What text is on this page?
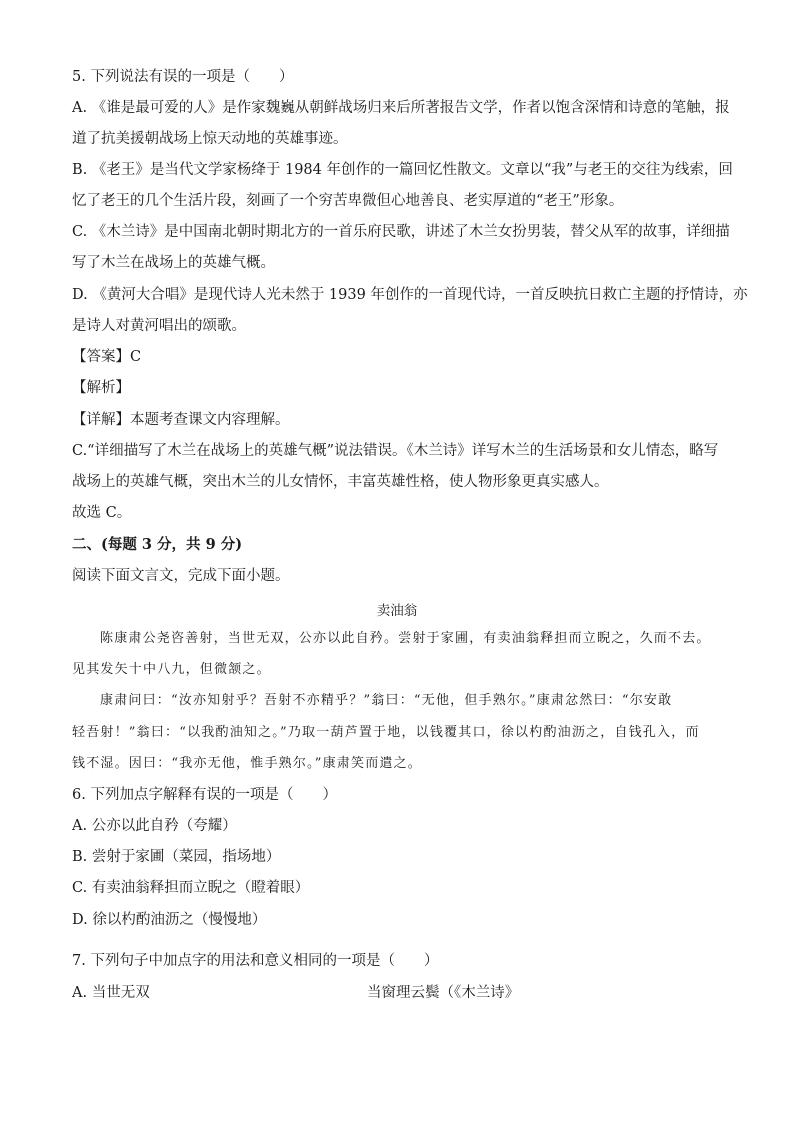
5. 下列说法有误的一项是（　　）
A. 《谁是最可爱的人》是作家魏巍从朝鲜战场归来后所著报告文学，作者以饱含深情和诗意的笔触，报
道了抗美援朝战场上惊天动地的英雄事迹。
B. 《老王》是当代文学家杨绛于 1984 年创作的一篇回忆性散文。文章以“我”与老王的交往为线索，回
忆了老王的几个生活片段，刻画了一个穷苦卑微但心地善良、老实厚道的“老王”形象。
C. 《木兰诗》是中国南北朝时期北方的一首乐府民歌，讲述了木兰女扮男装，替父从军的故事，详细描
写了木兰在战场上的英雄气概。
D. 《黄河大合唱》是现代诗人光未然于 1939 年创作的一首现代诗，一首反映抗日救亡主题的抒情诗，亦
是诗人对黄河唱出的颂歌。
【答案】C
【解析】
【详解】本题考查课文内容理解。
C.“详细描写了木兰在战场上的英雄气概”说法错误。《木兰诗》详写木兰的生活场景和女儿情态，略写
战场上的英雄气概，突出木兰的儿女情怀，丰富英雄性格，使人物形象更真实感人。
故选 C。
二、(每题 3 分，共 9 分)
阅读下面文言文，完成下面小题。
卖油翁
陈康肃公尧咨善射，当世无双，公亦以此自矜。尝射于家圃，有卖油翁释担而立睨之，久而不去。
见其发矢十中八九，但微颔之。
康肃问曰：“汝亦知射乎？吾射不亦精乎？”翁曰：“无他，但手熟尔。”康肃忿然曰：“尔安敢
轻吾射！”翁曰：“以我酌油知之。”乃取一葫芦置于地，以钱覆其口，徐以杓酌油沥之，自钱孔入，而
钱不湿。因曰：“我亦无他，惟手熟尔。”康肃笑而遣之。
6. 下列加点字解释有误的一项是（　　）
A. 公亦以此自矜（夸耀）
B. 尝射于家圃（菜园，指场地）
C. 有卖油翁释担而立睨之（瞪着眼）
D. 徐以杓酌油沥之（慢慢地）
7. 下列句子中加点字的用法和意义相同的一项是（　　）
A. 当世无双	当窗理云鬓（《木兰诗》
